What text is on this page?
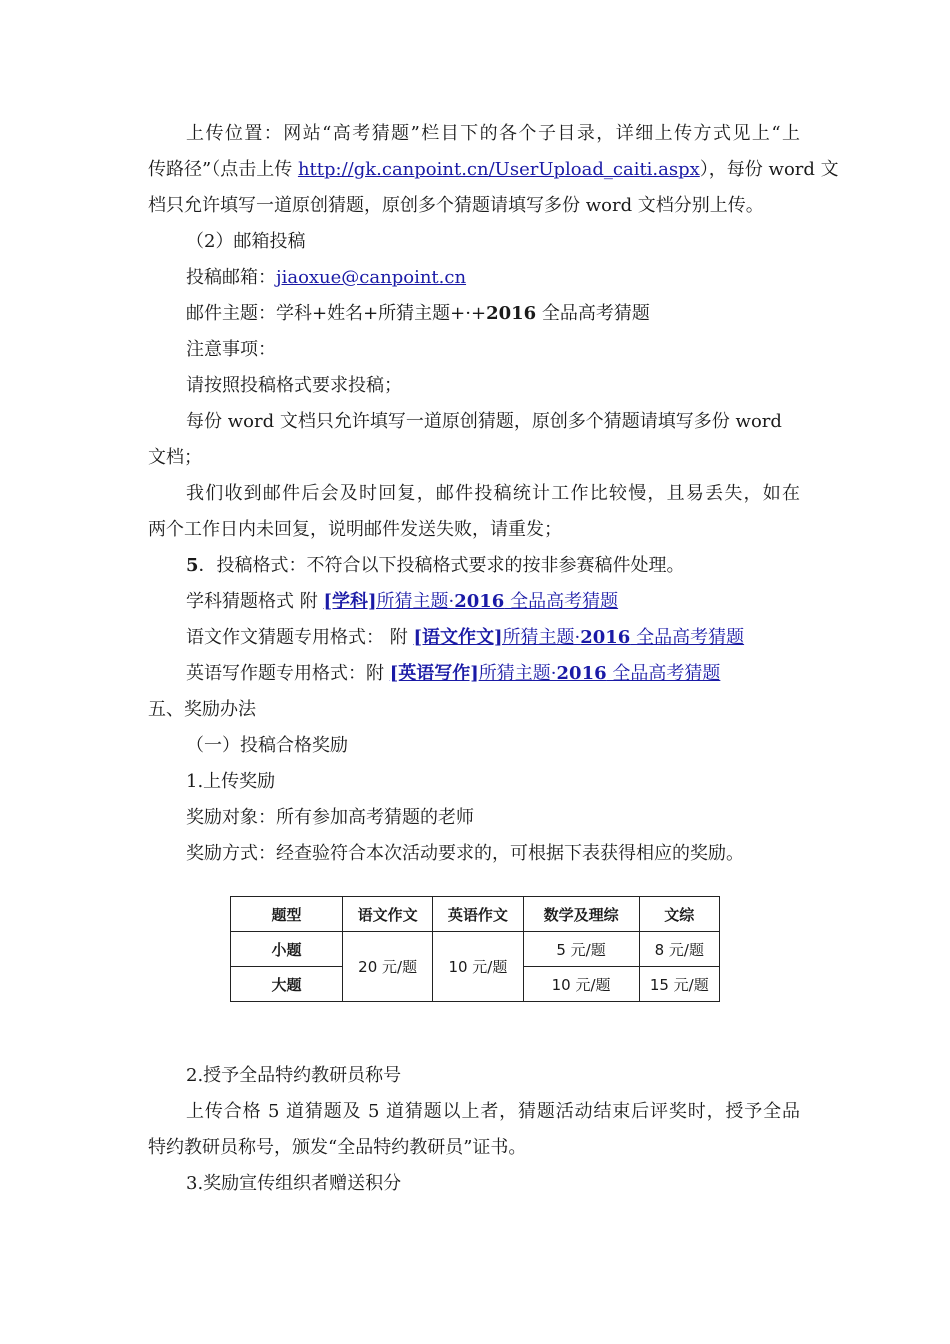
上传位置：网站“高考猜题”栏目下的各个子目录，详细上传方式见上“上
传路径”（点击上传 http://gk.canpoint.cn/UserUpload_caiti.aspx），每份 word 文
档只允许填写一道原创猜题，原创多个猜题请填写多份 word 文档分别上传。
（2）邮箱投稿
投稿邮箱：jiaoxue@canpoint.cn
邮件主题：学科+姓名+所猜主题+·+2016 全品高考猜题
注意事项：
请按照投稿格式要求投稿；
每份 word 文档只允许填写一道原创猜题，原创多个猜题请填写多份 word
文档；
我们收到邮件后会及时回复，邮件投稿统计工作比较慢，且易丢失，如在
两个工作日内未回复，说明邮件发送失败，请重发；
5．投稿格式：不符合以下投稿格式要求的按非参赛稿件处理。
学科猜题格式 附 [学科]所猜主题·2016 全品高考猜题
语文作文猜题专用格式： 附 [语文作文]所猜主题·2016 全品高考猜题
英语写作题专用格式：附 [英语写作]所猜主题·2016 全品高考猜题
五、奖励办法
（一）投稿合格奖励
1.上传奖励
奖励对象：所有参加高考猜题的老师
奖励方式：经查验符合本次活动要求的，可根据下表获得相应的奖励。
题型	语文作文	英语作文	数学及理综	文综
小题	20 元/题	10 元/题	5 元/题	8 元/题
大题			10 元/题	15 元/题
2.授予全品特约教研员称号
上传合格 5 道猜题及 5 道猜题以上者，猜题活动结束后评奖时，授予全品
特约教研员称号，颁发“全品特约教研员”证书。
3.奖励宣传组织者赠送积分
